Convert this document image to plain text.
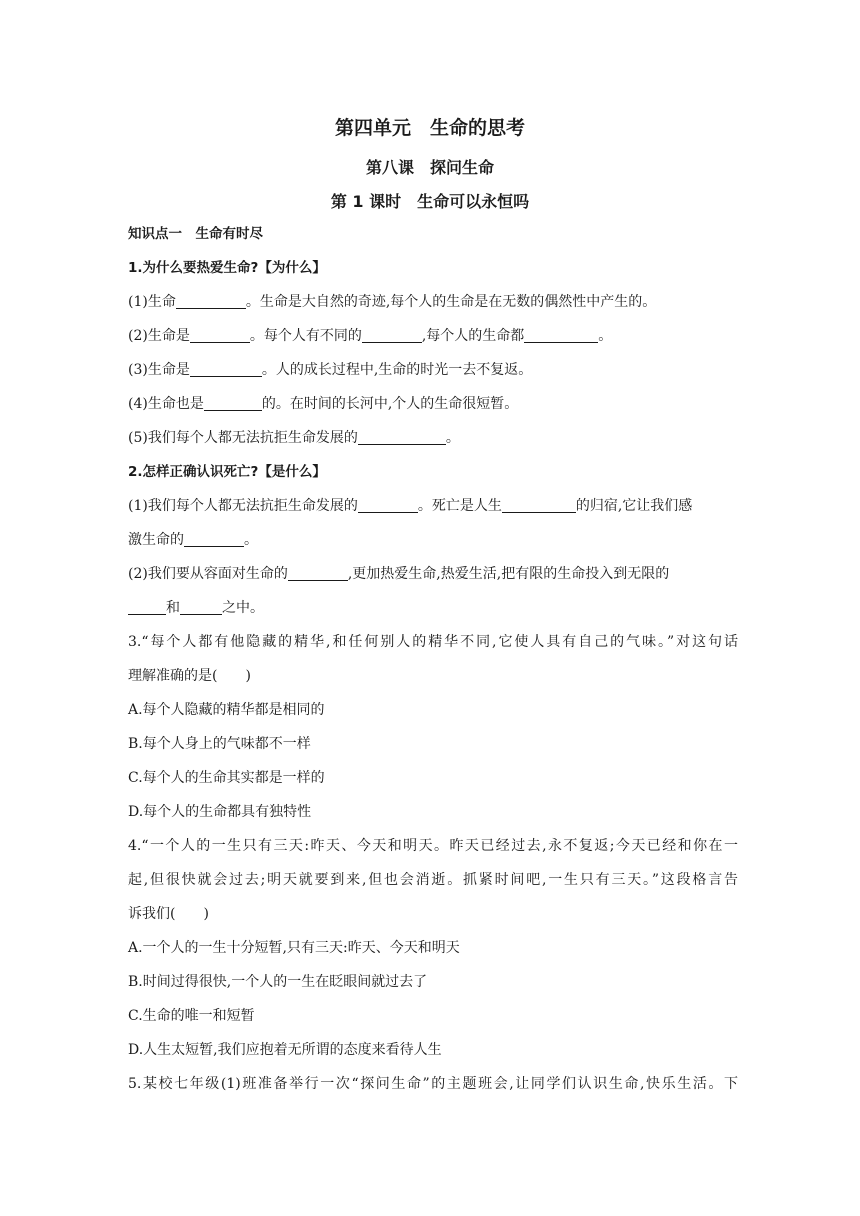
第四单元　生命的思考
第八课　探问生命
第 1 课时　生命可以永恒吗
知识点一　生命有时尽
1.为什么要热爱生命?【为什么】
(1)生命	。生命是大自然的奇迹,每个人的生命是在无数的偶然性中产生的。
(2)生命是	。每个人有不同的	,每个人的生命都	。
(3)生命是	。人的成长过程中,生命的时光一去不复返。
(4)生命也是	的。在时间的长河中,个人的生命很短暂。
(5)我们每个人都无法抗拒生命发展的	。
2.怎样正确认识死亡?【是什么】
(1)我们每个人都无法抗拒生命发展的	。死亡是人生	的归宿,它让我们感
激生命的	。
(2)我们要从容面对生命的	,更加热爱生命,热爱生活,把有限的生命投入到无限的
和	之中。
3.“每个人都有他隐藏的精华,和任何别人的精华不同,它使人具有自己的气味。”对这句话
理解准确的是(　　)
A.每个人隐藏的精华都是相同的
B.每个人身上的气味都不一样
C.每个人的生命其实都是一样的
D.每个人的生命都具有独特性
4.“一个人的一生只有三天:昨天、今天和明天。昨天已经过去,永不复返;今天已经和你在一
起,但很快就会过去;明天就要到来,但也会消逝。抓紧时间吧,一生只有三天。”这段格言告
诉我们(　　)
A.一个人的一生十分短暂,只有三天:昨天、今天和明天
B.时间过得很快,一个人的一生在眨眼间就过去了
C.生命的唯一和短暂
D.人生太短暂,我们应抱着无所谓的态度来看待人生
5.某校七年级(1)班准备举行一次“探问生命”的主题班会,让同学们认识生命,快乐生活。下
